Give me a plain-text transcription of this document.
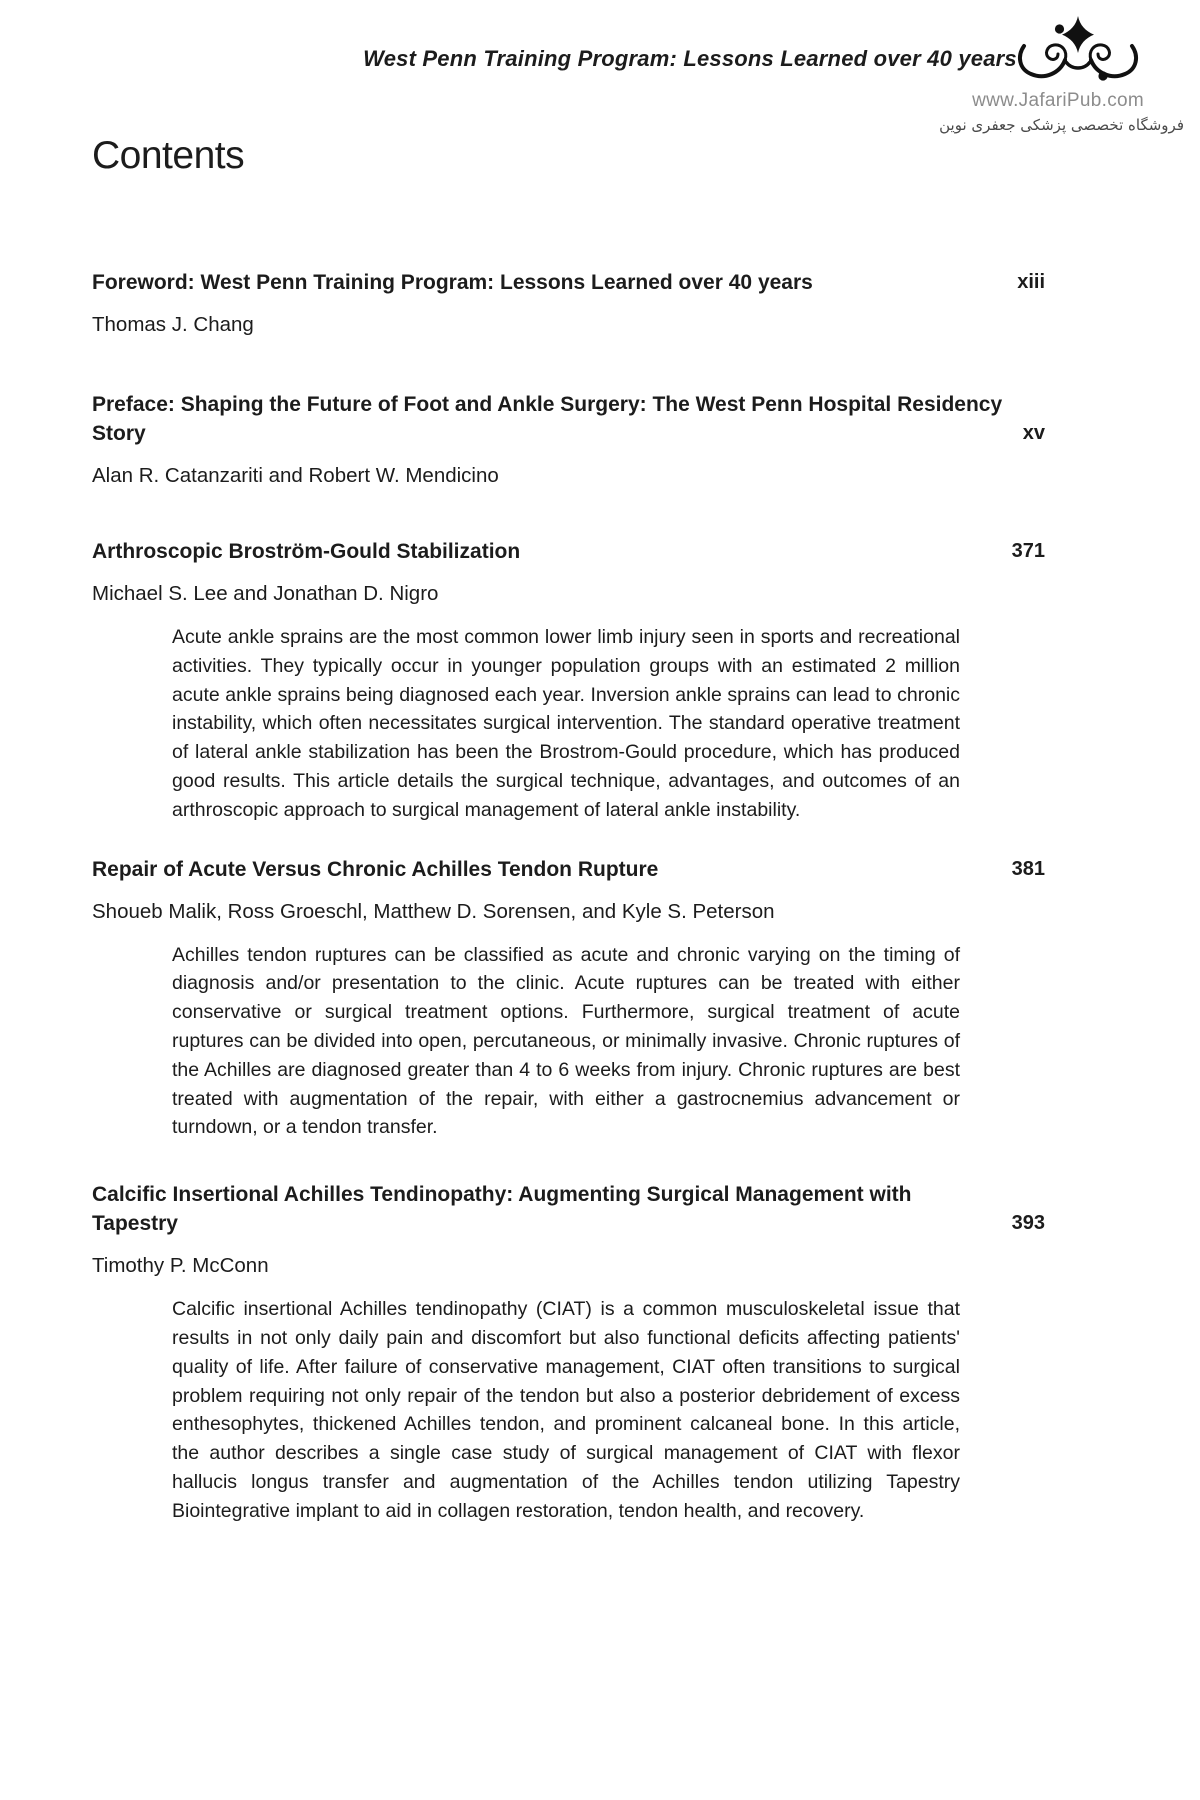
West Penn Training Program: Lessons Learned over 40 years
www.JafariPub.com
فروشگاه تخصصی پزشکی جعفری نوین
Contents
Foreword: West Penn Training Program: Lessons Learned over 40 years	xiii

Thomas J. Chang

Preface: Shaping the Future of Foot and Ankle Surgery: The West Penn Hospital Residency Story	xv

Alan R. Catanzariti and Robert W. Mendicino

Arthroscopic Broström-Gould Stabilization	371

Michael S. Lee and Jonathan D. Nigro

Acute ankle sprains are the most common lower limb injury seen in sports and recreational activities. They typically occur in younger population groups with an estimated 2 million acute ankle sprains being diagnosed each year. Inversion ankle sprains can lead to chronic instability, which often necessitates surgical intervention. The standard operative treatment of lateral ankle stabilization has been the Brostrom-Gould procedure, which has produced good results. This article details the surgical technique, advantages, and outcomes of an arthroscopic approach to surgical management of lateral ankle instability.

Repair of Acute Versus Chronic Achilles Tendon Rupture	381

Shoueb Malik, Ross Groeschl, Matthew D. Sorensen, and Kyle S. Peterson

Achilles tendon ruptures can be classified as acute and chronic varying on the timing of diagnosis and/or presentation to the clinic. Acute ruptures can be treated with either conservative or surgical treatment options. Furthermore, surgical treatment of acute ruptures can be divided into open, percutaneous, or minimally invasive. Chronic ruptures of the Achilles are diagnosed greater than 4 to 6 weeks from injury. Chronic ruptures are best treated with augmentation of the repair, with either a gastrocnemius advancement or turndown, or a tendon transfer.

Calcific Insertional Achilles Tendinopathy: Augmenting Surgical Management with Tapestry	393

Timothy P. McConn

Calcific insertional Achilles tendinopathy (CIAT) is a common musculoskeletal issue that results in not only daily pain and discomfort but also functional deficits affecting patients' quality of life. After failure of conservative management, CIAT often transitions to surgical problem requiring not only repair of the tendon but also a posterior debridement of excess enthesophytes, thickened Achilles tendon, and prominent calcaneal bone. In this article, the author describes a single case study of surgical management of CIAT with flexor hallucis longus transfer and augmentation of the Achilles tendon utilizing Tapestry Biointegrative implant to aid in collagen restoration, tendon health, and recovery.
